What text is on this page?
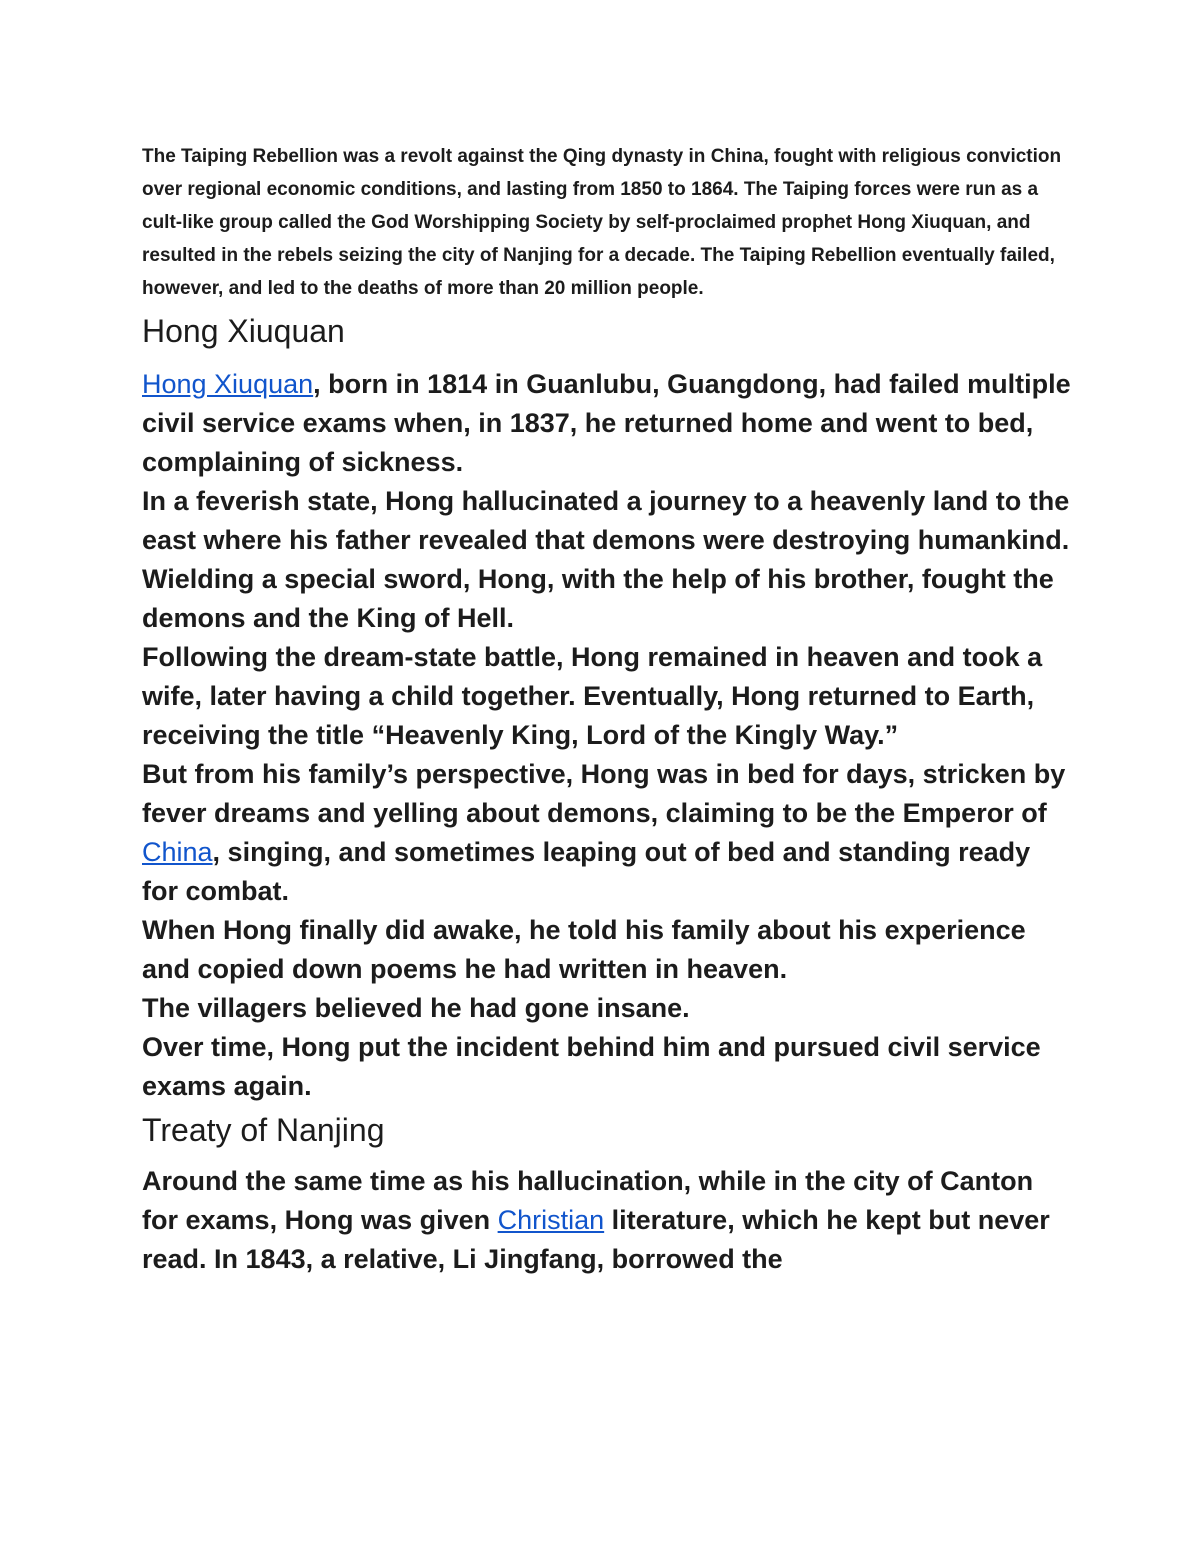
The Taiping Rebellion was a revolt against the Qing dynasty in China, fought with religious conviction over regional economic conditions, and lasting from 1850 to 1864. The Taiping forces were run as a cult-like group called the God Worshipping Society by self-proclaimed prophet Hong Xiuquan, and resulted in the rebels seizing the city of Nanjing for a decade. The Taiping Rebellion eventually failed, however, and led to the deaths of more than 20 million people.

Hong Xiuquan

Hong Xiuquan, born in 1814 in Guanlubu, Guangdong, had failed multiple civil service exams when, in 1837, he returned home and went to bed, complaining of sickness.

In a feverish state, Hong hallucinated a journey to a heavenly land to the east where his father revealed that demons were destroying humankind. Wielding a special sword, Hong, with the help of his brother, fought the demons and the King of Hell.

Following the dream-state battle, Hong remained in heaven and took a wife, later having a child together. Eventually, Hong returned to Earth, receiving the title “Heavenly King, Lord of the Kingly Way.”

But from his family’s perspective, Hong was in bed for days, stricken by fever dreams and yelling about demons, claiming to be the Emperor of China, singing, and sometimes leaping out of bed and standing ready for combat.

When Hong finally did awake, he told his family about his experience and copied down poems he had written in heaven.

The villagers believed he had gone insane.

Over time, Hong put the incident behind him and pursued civil service exams again.

Treaty of Nanjing

Around the same time as his hallucination, while in the city of Canton for exams, Hong was given Christian literature, which he kept but never read. In 1843, a relative, Li Jingfang, borrowed the
